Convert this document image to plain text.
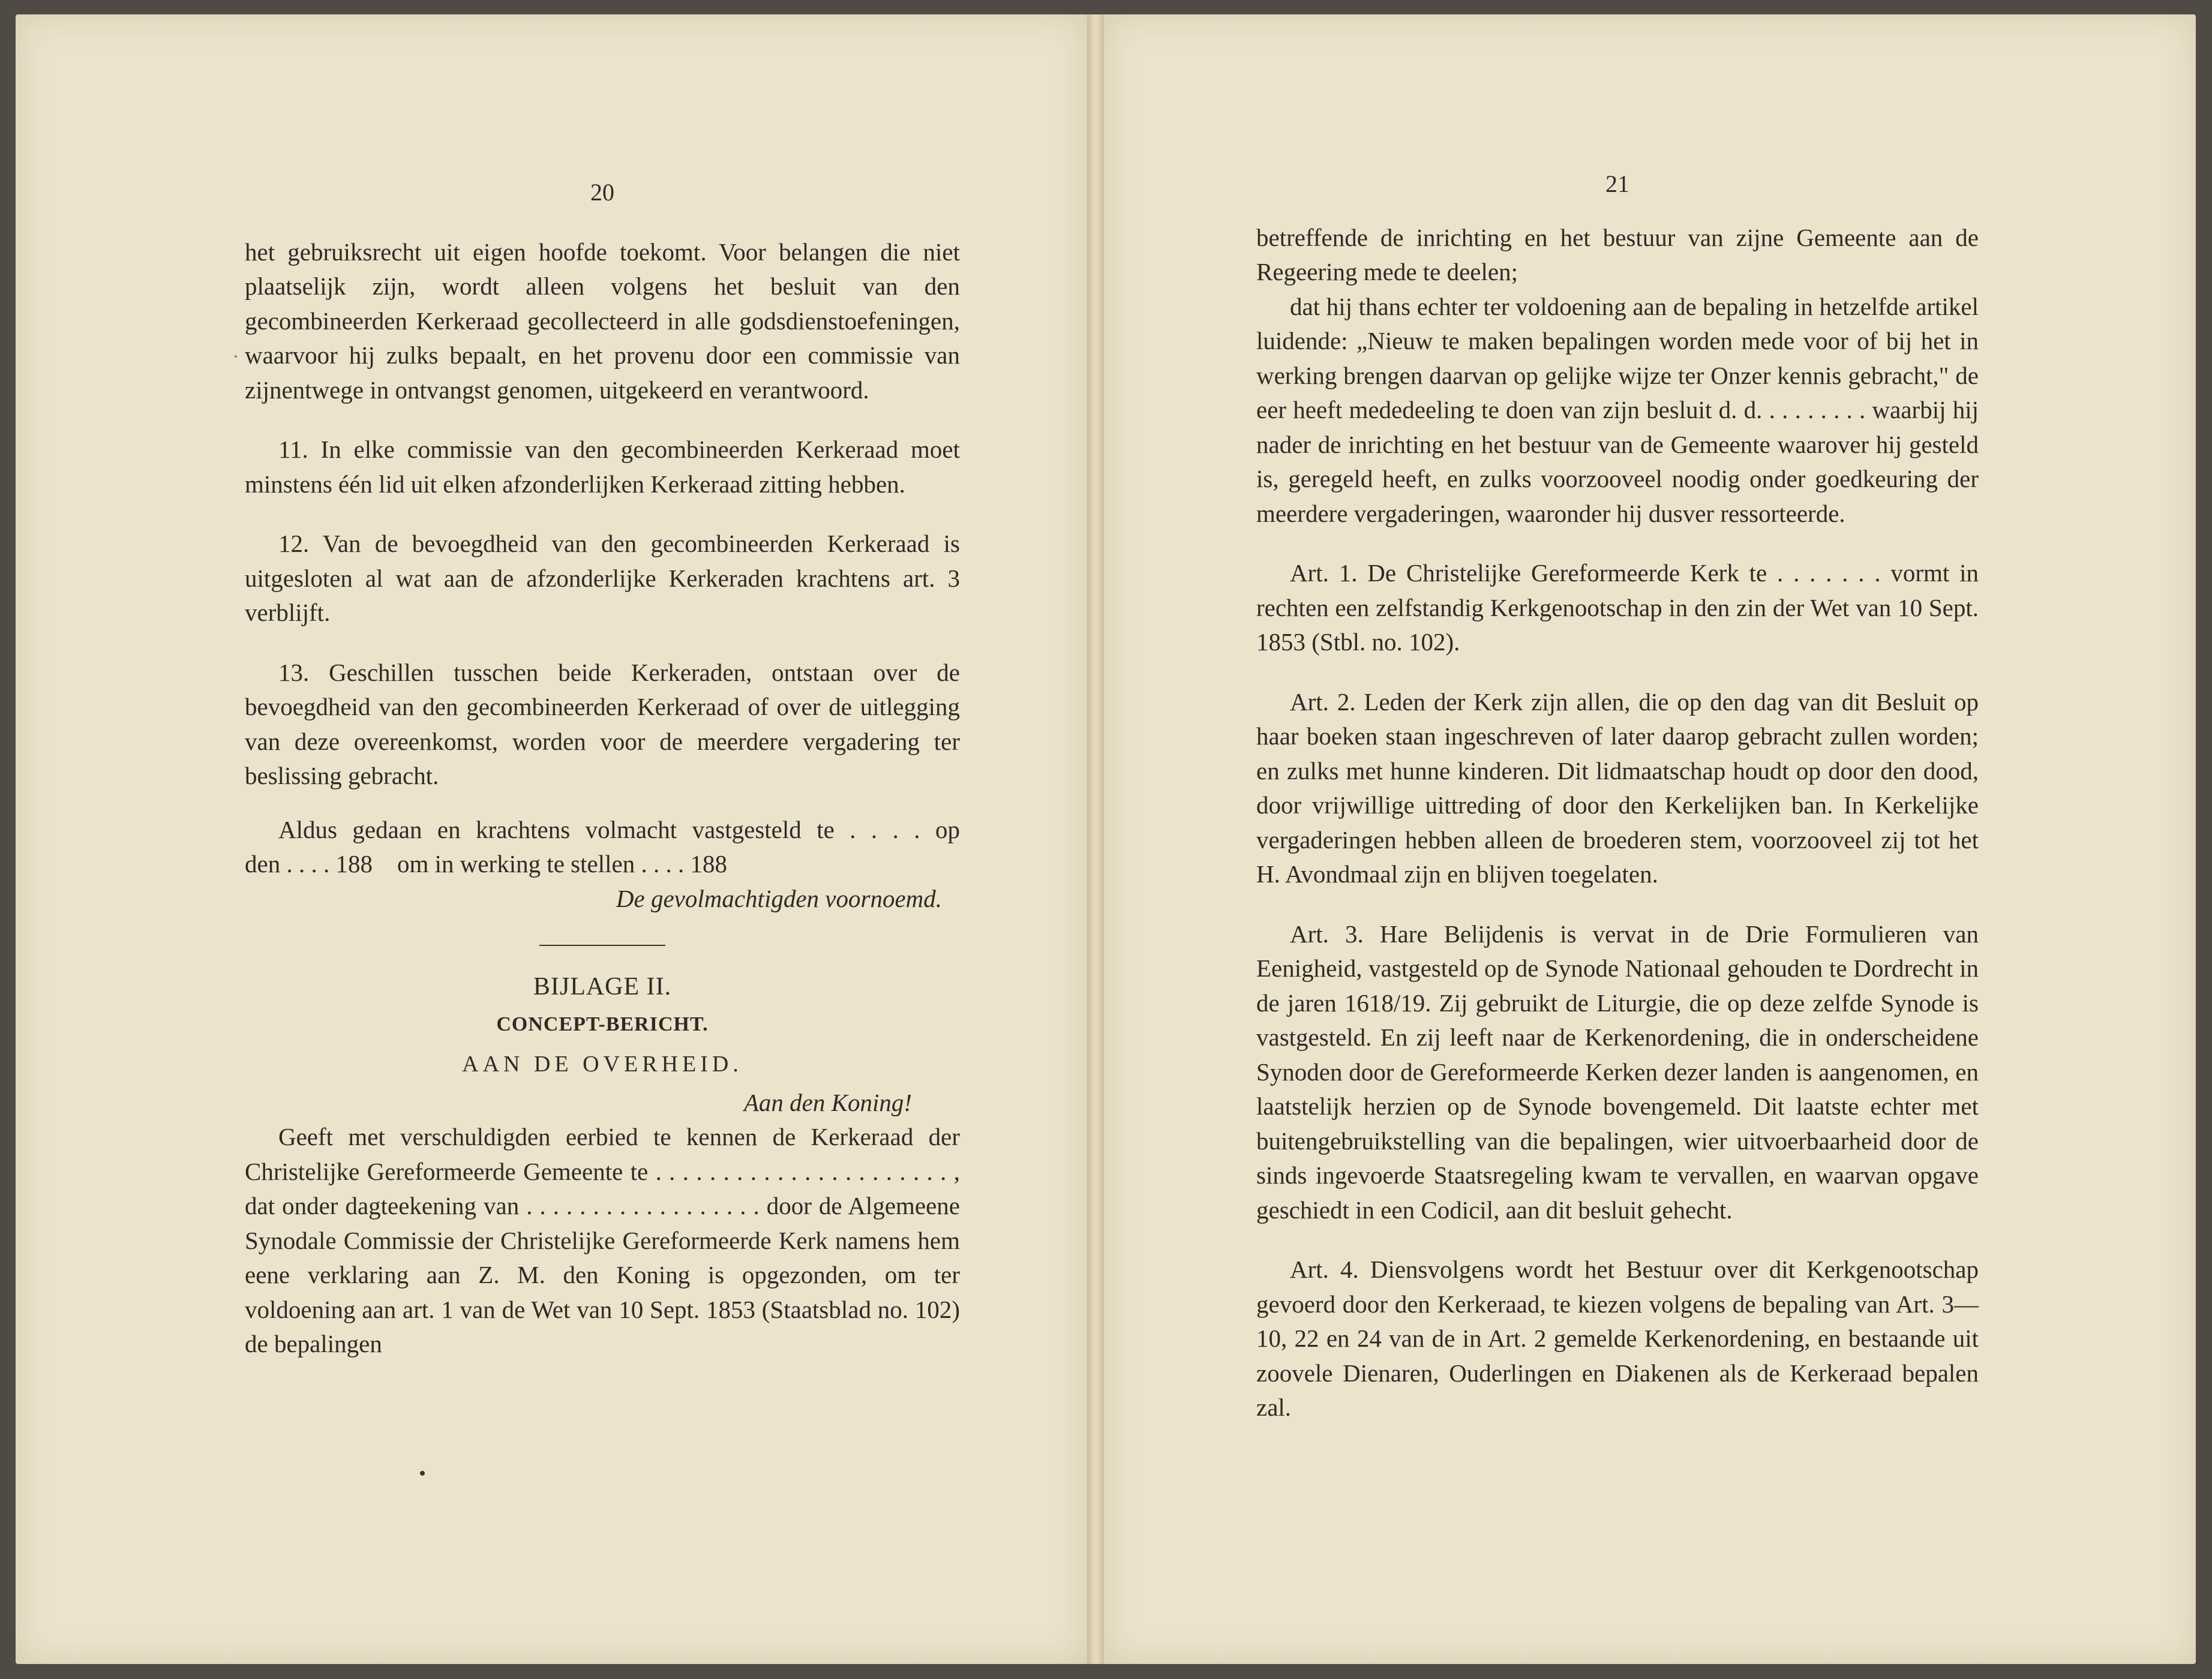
·

20

het gebruiksrecht uit eigen hoofde toekomt. Voor belangen die niet plaatselijk zijn, wordt alleen volgens het besluit van den gecombineerden Kerkeraad gecollecteerd in alle godsdienstoefeningen, waarvoor hij zulks bepaalt, en het provenu door een commissie van zijnentwege in ontvangst genomen, uitgekeerd en verantwoord.

11. In elke commissie van den gecombineerden Kerkeraad moet minstens één lid uit elken afzonderlijken Kerkeraad zitting hebben.

12. Van de bevoegdheid van den gecombineerden Kerkeraad is uitgesloten al wat aan de afzonderlijke Kerkeraden krachtens art. 3 verblijft.

13. Geschillen tusschen beide Kerkeraden, ontstaan over de bevoegdheid van den gecombineerden Kerkeraad of over de uitlegging van deze overeenkomst, worden voor de meerdere vergadering ter beslissing gebracht.

Aldus gedaan en krachtens volmacht vastgesteld te . . . . op

den . . . . 188    om in werking te stellen . . . . 188

De gevolmachtigden voornoemd.

BIJLAGE II.

CONCEPT-BERICHT.

AAN DE OVERHEID.

Aan den Koning!

Geeft met verschuldigden eerbied te kennen de Kerkeraad der Christelijke Gereformeerde Gemeente te . . . . . . . . . . . . . . . . . . . . . . , dat onder dagteekening van . . . . . . . . . . . . . . . . . . door de Algemeene Synodale Commissie der Christelijke Gereformeerde Kerk namens hem eene verklaring aan Z. M. den Koning is opgezonden, om ter voldoening aan art. 1 van de Wet van 10 Sept. 1853 (Staatsblad no. 102) de bepalingen

21

betreffende de inrichting en het bestuur van zijne Gemeente aan de Regeering mede te deelen;

dat hij thans echter ter voldoening aan de bepaling in hetzelfde artikel luidende: „Nieuw te maken bepalingen worden mede voor of bij het in werking brengen daarvan op gelijke wijze ter Onzer kennis gebracht," de eer heeft mededeeling te doen van zijn besluit d. d. . . . . . . . . waarbij hij nader de inrichting en het bestuur van de Gemeente waarover hij gesteld is, geregeld heeft, en zulks voorzooveel noodig onder goedkeuring der meerdere vergaderingen, waaronder hij dusver ressorteerde.

Art. 1. De Christelijke Gereformeerde Kerk te . . . . . . . vormt in rechten een zelfstandig Kerkgenootschap in den zin der Wet van 10 Sept. 1853 (Stbl. no. 102).

Art. 2. Leden der Kerk zijn allen, die op den dag van dit Besluit op haar boeken staan ingeschreven of later daarop gebracht zullen worden; en zulks met hunne kinderen. Dit lidmaatschap houdt op door den dood, door vrijwillige uittreding of door den Kerkelijken ban. In Kerkelijke vergaderingen hebben alleen de broederen stem, voorzooveel zij tot het H. Avondmaal zijn en blijven toegelaten.

Art. 3. Hare Belijdenis is vervat in de Drie Formulieren van Eenigheid, vastgesteld op de Synode Nationaal gehouden te Dordrecht in de jaren 1618/19. Zij gebruikt de Liturgie, die op deze zelfde Synode is vastgesteld. En zij leeft naar de Kerkenordening, die in onderscheidene Synoden door de Gereformeerde Kerken dezer landen is aangenomen, en laatstelijk herzien op de Synode bovengemeld. Dit laatste echter met buitengebruikstelling van die bepalingen, wier uitvoerbaarheid door de sinds ingevoerde Staatsregeling kwam te vervallen, en waarvan opgave geschiedt in een Codicil, aan dit besluit gehecht.

Art. 4. Diensvolgens wordt het Bestuur over dit Kerkgenootschap gevoerd door den Kerkeraad, te kiezen volgens de bepaling van Art. 3—10, 22 en 24 van de in Art. 2 gemelde Kerkenordening, en bestaande uit zoovele Dienaren, Ouderlingen en Diakenen als de Kerkeraad bepalen zal.
